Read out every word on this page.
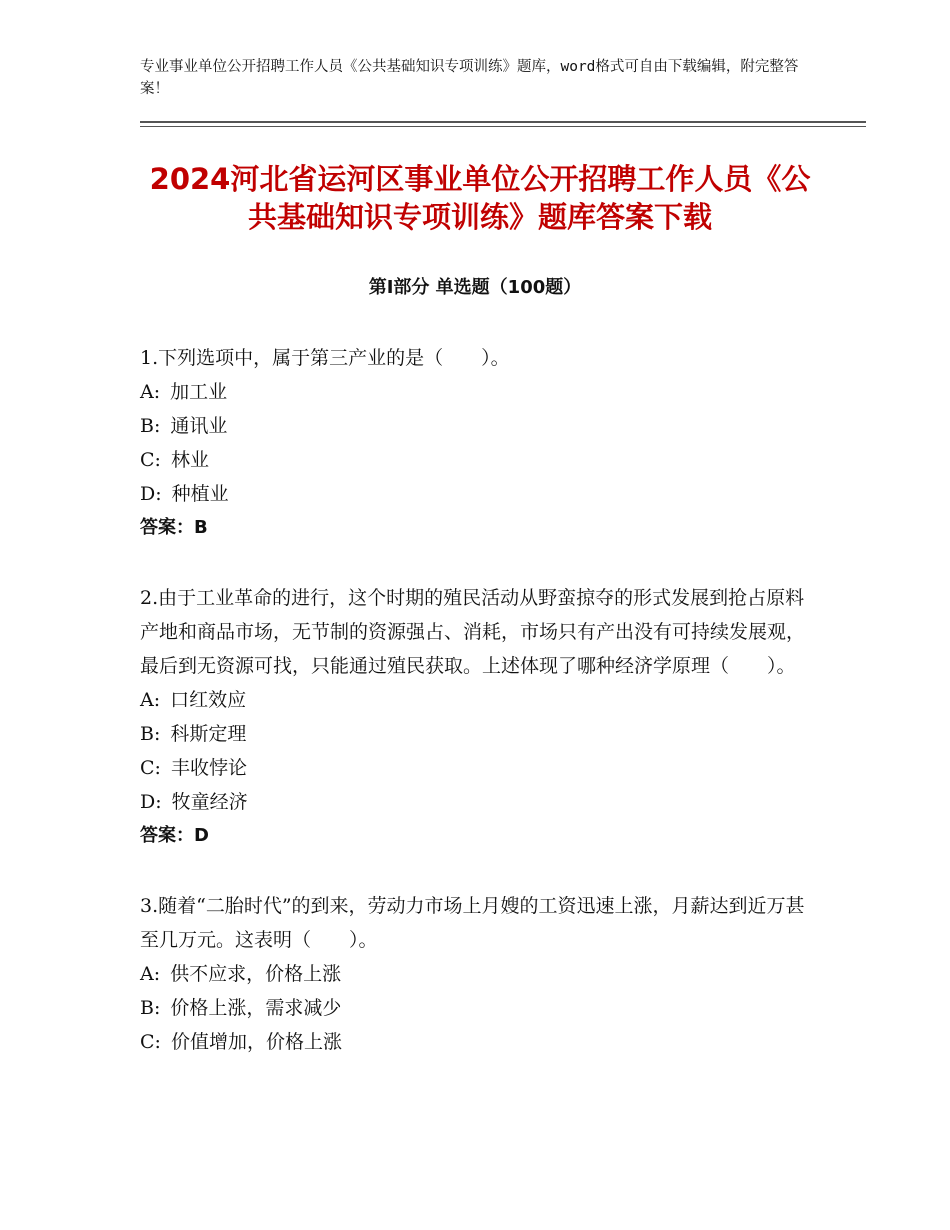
专业事业单位公开招聘工作人员《公共基础知识专项训练》题库，word格式可自由下载编辑，附完整答案！
2024河北省运河区事业单位公开招聘工作人员《公共基础知识专项训练》题库答案下载
第Ⅰ部分 单选题（100题）

1.下列选项中，属于第三产业的是（　　）。

A: 加工业

B: 通讯业

C: 林业

D: 种植业

答案：B

2.由于工业革命的进行，这个时期的殖民活动从野蛮掠夺的形式发展到抢占原料产地和商品市场，无节制的资源强占、消耗，市场只有产出没有可持续发展观，最后到无资源可找，只能通过殖民获取。上述体现了哪种经济学原理（　　）。

A: 口红效应

B: 科斯定理

C: 丰收悖论

D: 牧童经济

答案：D

3.随着“二胎时代”的到来，劳动力市场上月嫂的工资迅速上涨，月薪达到近万甚至几万元。这表明（　　）。

A: 供不应求，价格上涨

B: 价格上涨，需求减少

C: 价值增加，价格上涨
